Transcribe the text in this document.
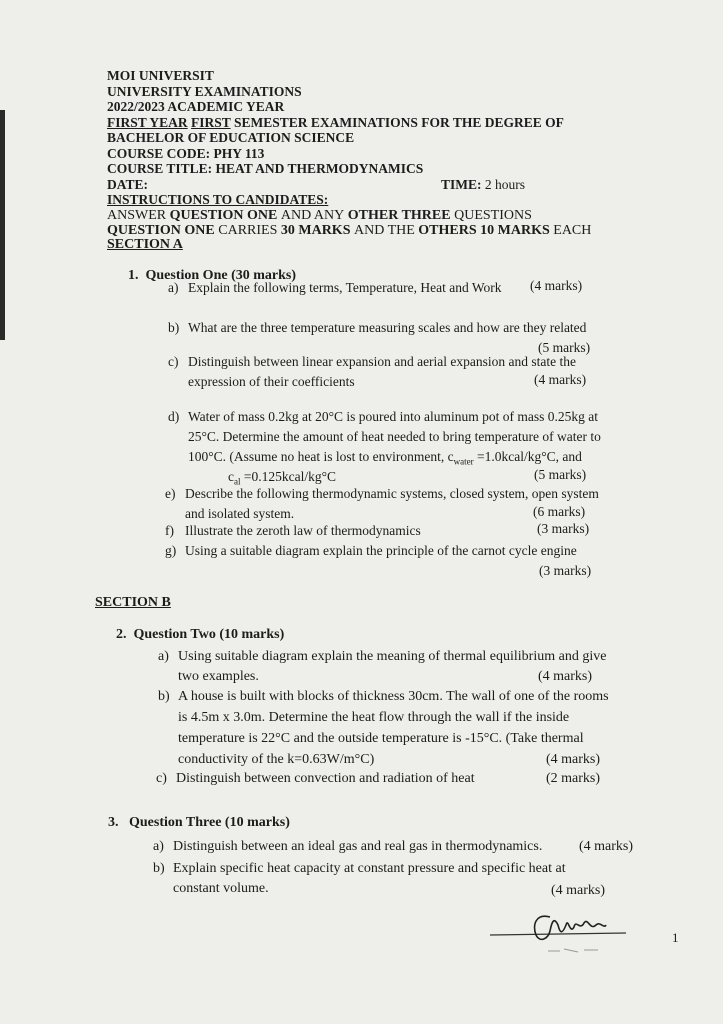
MOI UNIVERSIT
UNIVERSITY EXAMINATIONS
2022/2023 ACADEMIC YEAR
FIRST YEAR FIRST SEMESTER EXAMINATIONS FOR THE DEGREE OF
BACHELOR OF EDUCATION SCIENCE
COURSE CODE: PHY 113
COURSE TITLE: HEAT AND THERMODYNAMICS
DATE:	TIME: 2 hours
INSTRUCTIONS TO CANDIDATES:
ANSWER QUESTION ONE AND ANY OTHER THREE QUESTIONS
QUESTION ONE CARRIES 30 MARKS AND THE OTHERS 10 MARKS EACH
SECTION A
1. Question One (30 marks)
a) Explain the following terms, Temperature, Heat and Work (4 marks)
b) What are the three temperature measuring scales and how are they related
(5 marks)
c) Distinguish between linear expansion and aerial expansion and state the
expression of their coefficients	(4 marks)
d) Water of mass 0.2kg at 20°C is poured into aluminum pot of mass 0.25kg at
25°C. Determine the amount of heat needed to bring temperature of water to
100°C. (Assume no heat is lost to environment, $c_{water}$ =1.0kcal/kg°C, and
$c_{al}$ =0.125kcal/kg°C	(5 marks)
e) Describe the following thermodynamic systems, closed system, open system
and isolated system.	(6 marks)
f) Illustrate the zeroth law of thermodynamics	(3 marks)
g) Using a suitable diagram explain the principle of the carnot cycle engine
(3 marks)
SECTION B
2. Question Two (10 marks)
a) Using suitable diagram explain the meaning of thermal equilibrium and give
two examples.	(4 marks)
b) A house is built with blocks of thickness 30cm. The wall of one of the rooms
is 4.5m x 3.0m. Determine the heat flow through the wall if the inside
temperature is 22°C and the outside temperature is -15°C. (Take thermal
conductivity of the k=0.63W/m°C)	(4 marks)
c) Distinguish between convection and radiation of heat	(2 marks)
3. Question Three (10 marks)
a) Distinguish between an ideal gas and real gas in thermodynamics.	(4 marks)
b) Explain specific heat capacity at constant pressure and specific heat at
constant volume.	(4 marks)
1
